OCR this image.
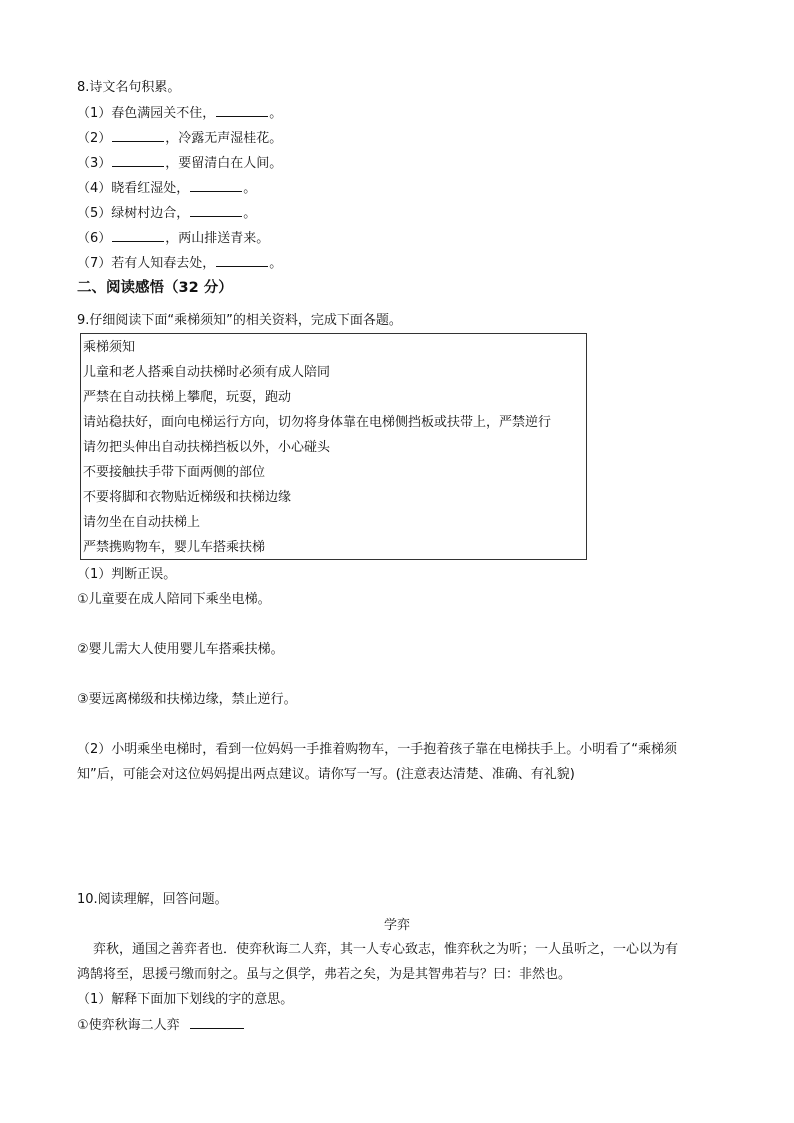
8.诗文名句积累。
（1）春色满园关不住，	。
（2）	，冷露无声湿桂花。
（3）	，要留清白在人间。
（4）晓看红湿处，	。
（5）绿树村边合，	。
（6）	，两山排送青来。
（7）若有人知春去处，	。
二、阅读感悟（32 分）
9.仔细阅读下面“乘梯须知”的相关资料，完成下面各题。
乘梯须知
儿童和老人搭乘自动扶梯时必须有成人陪同
严禁在自动扶梯上攀爬，玩耍，跑动
请站稳扶好，面向电梯运行方向，切勿将身体靠在电梯侧挡板或扶带上，严禁逆行
请勿把头伸出自动扶梯挡板以外，小心碰头
不要接触扶手带下面两侧的部位
不要将脚和衣物贴近梯级和扶梯边缘
请勿坐在自动扶梯上
严禁携购物车，婴儿车搭乘扶梯
（1）判断正误。
①儿童要在成人陪同下乘坐电梯。
②婴儿需大人使用婴儿车搭乘扶梯。
③要远离梯级和扶梯边缘，禁止逆行。
（2）小明乘坐电梯时，看到一位妈妈一手推着购物车，一手抱着孩子靠在电梯扶手上。小明看了“乘梯须
知”后，可能会对这位妈妈提出两点建议。请你写一写。(注意表达清楚、准确、有礼貌)
10.阅读理解，回答问题。
学弈
弈秋，通国之善弈者也．使弈秋诲二人弈，其一人专心致志，惟弈秋之为听；一人虽听之，一心以为有
鸿鹄将至，思援弓缴而射之。虽与之俱学，弗若之矣，为是其智弗若与？曰：非然也。
（1）解释下面加下划线的字的意思。
①使弈秋诲二人弈
